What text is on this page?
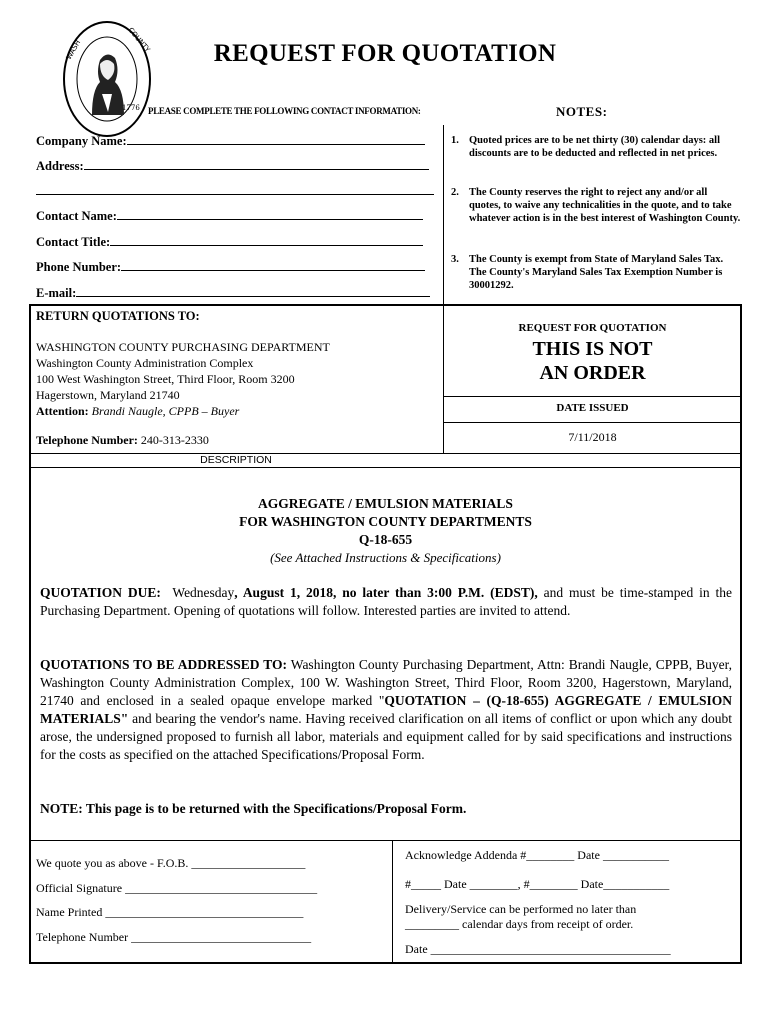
1776
WASH	COUNTY	REQUEST FOR QUOTATION
PLEASE COMPLETE THE FOLLOWING CONTACT INFORMATION:	NOTES:
Company Name:
Address:
Contact Name:
Contact Title:
Phone Number:
E-mail:
1. Quoted prices are to be net thirty (30) calendar days: all discounts are to be deducted and reflected in net prices.
2. The County reserves the right to reject any and/or all quotes, to waive any technicalities in the quote, and to take whatever action is in the best interest of Washington County.
3. The County is exempt from State of Maryland Sales Tax. The County's Maryland Sales Tax Exemption Number is 30001292.
RETURN QUOTATIONS TO:
WASHINGTON COUNTY PURCHASING DEPARTMENT
Washington County Administration Complex
100 West Washington Street, Third Floor, Room 3200
Hagerstown, Maryland 21740
Attention: Brandi Naugle, CPPB – Buyer
Telephone Number: 240-313-2330
REQUEST FOR QUOTATION
THIS IS NOT
AN ORDER
DATE ISSUED
7/11/2018
DESCRIPTION
AGGREGATE / EMULSION MATERIALS
FOR WASHINGTON COUNTY DEPARTMENTS
Q-18-655
(See Attached Instructions & Specifications)
QUOTATION DUE: Wednesday, August 1, 2018, no later than 3:00 P.M. (EDST), and must be time-stamped in the Purchasing Department. Opening of quotations will follow. Interested parties are invited to attend.
QUOTATIONS TO BE ADDRESSED TO: Washington County Purchasing Department, Attn: Brandi Naugle, CPPB, Buyer, Washington County Administration Complex, 100 W. Washington Street, Third Floor, Room 3200, Hagerstown, Maryland, 21740 and enclosed in a sealed opaque envelope marked "QUOTATION – (Q-18-655) AGGREGATE / EMULSION MATERIALS" and bearing the vendor's name. Having received clarification on all items of conflict or upon which any doubt arose, the undersigned proposed to furnish all labor, materials and equipment called for by said specifications and instructions for the costs as specified on the attached Specifications/Proposal Form.
NOTE: This page is to be returned with the Specifications/Proposal Form.
We quote you as above - F.O.B. ___________________
Official Signature ________________________________
Name Printed _________________________________
Telephone Number ______________________________
Acknowledge Addenda #________ Date ___________
#_____ Date ________, #________ Date___________
Delivery/Service can be performed no later than
_________ calendar days from receipt of order.
Date ________________________________________
